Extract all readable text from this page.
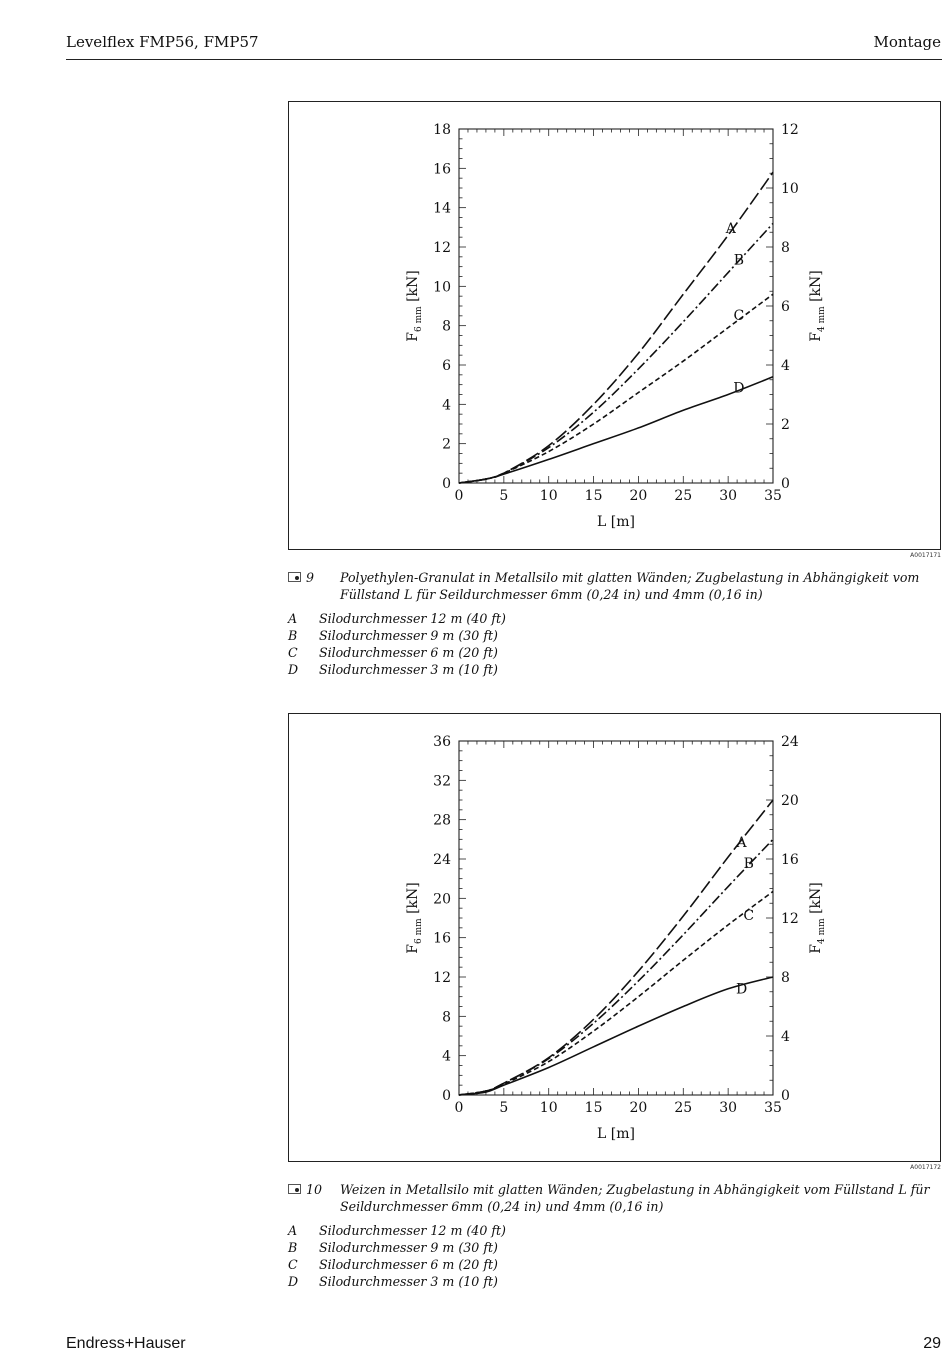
Levelflex FMP56, FMP57	Montage
0	5 10 15 20 25 30 35
0
2
4
6
8
10
12
14
16
18
0
2
4
6
8
10
12
L [m]
$F_{6 mm}$ [kN]
$F_{4 mm}$ [kN]
A
B
C
D
A0017171
9 Polyethylen-Granulat in Metallsilo mit glatten Wänden; Zugbelastung in Abhängigkeit vom Füllstand L für Seildurchmesser 6mm (0,24 in) und 4mm (0,16 in)
A	Silodurchmesser 12 m (40 ft)
B	Silodurchmesser 9 m (30 ft)
C	Silodurchmesser 6 m (20 ft)
D	Silodurchmesser 3 m (10 ft)
0	5 10 15 20 25 30 35
0
4
8
12
16
20
24
28
32
36
0
4
8
12
16
20
24
L [m]
$F_{6 mm}$ [kN]
$F_{4 mm}$ [kN]
A
B
C
D
A0017172
10 Weizen in Metallsilo mit glatten Wänden; Zugbelastung in Abhängigkeit vom Füllstand L für Seildurchmesser 6mm (0,24 in) und 4mm (0,16 in)
A	Silodurchmesser 12 m (40 ft)
B	Silodurchmesser 9 m (30 ft)
C	Silodurchmesser 6 m (20 ft)
D	Silodurchmesser 3 m (10 ft)
Endress+Hauser	29
